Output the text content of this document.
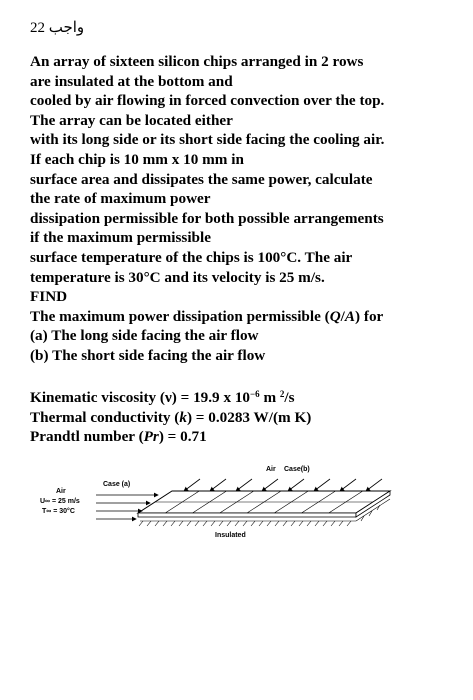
واجب 22

An array of sixteen silicon chips arranged in 2 rows

are insulated at the bottom and

cooled by air flowing in forced convection over the top.

The array can be located either

with its long side or its short side facing the cooling air.

If each chip is 10 mm x 10 mm in

surface area and dissipates the same power, calculate

the rate of maximum power

dissipation permissible for both possible arrangements

if the maximum permissible

surface temperature of the chips is 100°C. The air

temperature is 30°C and its velocity is 25 m/s.

FIND

The maximum power dissipation permissible (Q/A) for

(a) The long side facing the air flow

(b) The short side facing the air flow

Kinematic viscosity (ν) = 19.9 x $10^{-6}$ m $^2$/s

Thermal conductivity (k) = 0.0283 W/(m K)

Prandtl number (Pr) = 0.71

Case (a)
Air Case(b)
Air
U∞ = 25 m/s
T∞ = 30°C
Insulated
